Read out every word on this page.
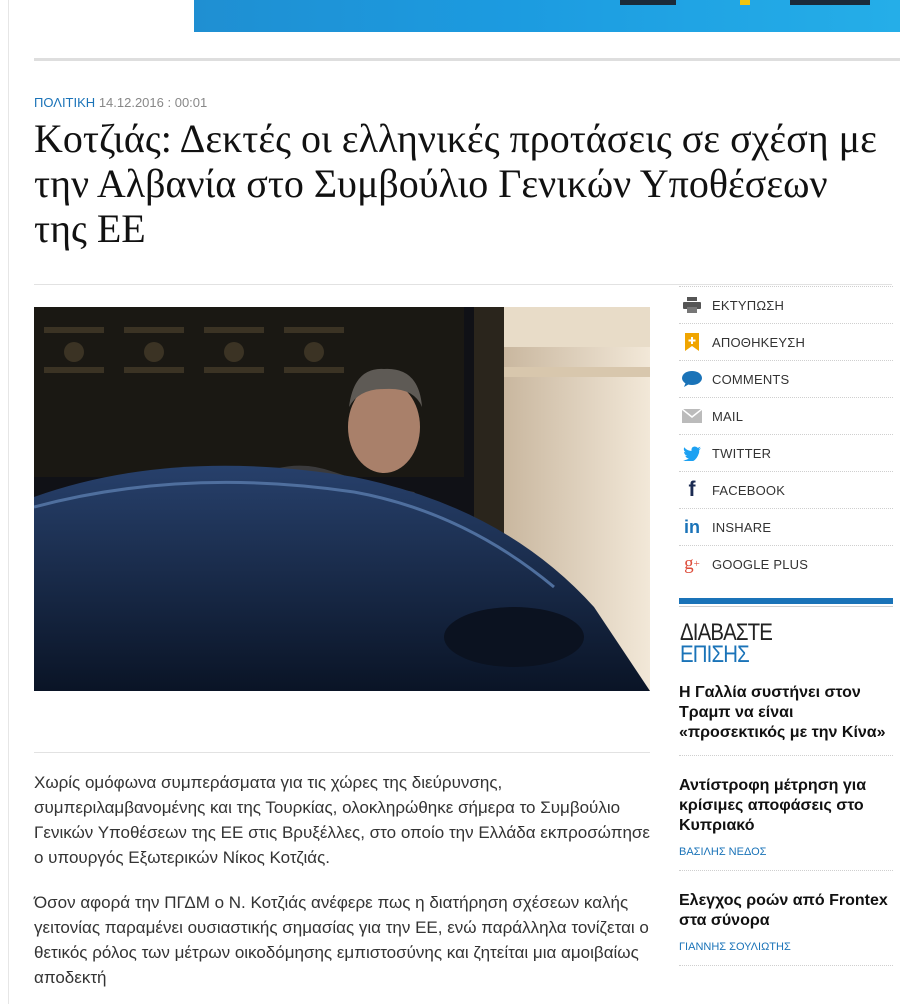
ΠΟΛΙΤΙΚΗ 14.12.2016 : 00:01
Κοτζιάς: Δεκτές οι ελληνικές προτάσεις σε σχέση με την Αλβανία στο Συμβούλιο Γενικών Υποθέσεων της ΕΕ

Χωρίς ομόφωνα συμπεράσματα για τις χώρες της διεύρυνσης, συμπεριλαμβανομένης και της Τουρκίας, ολοκληρώθηκε σήμερα το Συμβούλιο Γενικών Υποθέσεων της ΕΕ στις Βρυξέλλες, στο οποίο την Ελλάδα εκπροσώπησε ο υπουργός Εξωτερικών Νίκος Κοτζιάς.

Όσον αφορά την ΠΓΔΜ ο Ν. Κοτζιάς ανέφερε πως η διατήρηση σχέσεων καλής γειτονίας παραμένει ουσιαστικής σημασίας για την ΕΕ, ενώ παράλληλα τονίζεται ο θετικός ρόλος των μέτρων οικοδόμησης εμπιστοσύνης και ζητείται μια αμοιβαίως αποδεκτή

ΕΚΤΥΠΩΣΗ
ΑΠΟΘΗΚΕΥΣΗ
COMMENTS
MAIL
TWITTER
f	FACEBOOK
in INSHARE
g + GOOGLE PLUS
ΔΙΑΒΑΣΤΕ
ΕΠΙΣΗΣ
Η Γαλλία συστήνει στον Τραμπ να είναι «προσεκτικός με την Κίνα»
Αντίστροφη μέτρηση για κρίσιμες αποφάσεις στο Κυπριακό
ΒΑΣΙΛΗΣ ΝΕΔΟΣ
Ελεγχος ροών από Frontex στα σύνορα
ΓΙΑΝΝΗΣ ΣΟΥΛΙΩΤΗΣ
